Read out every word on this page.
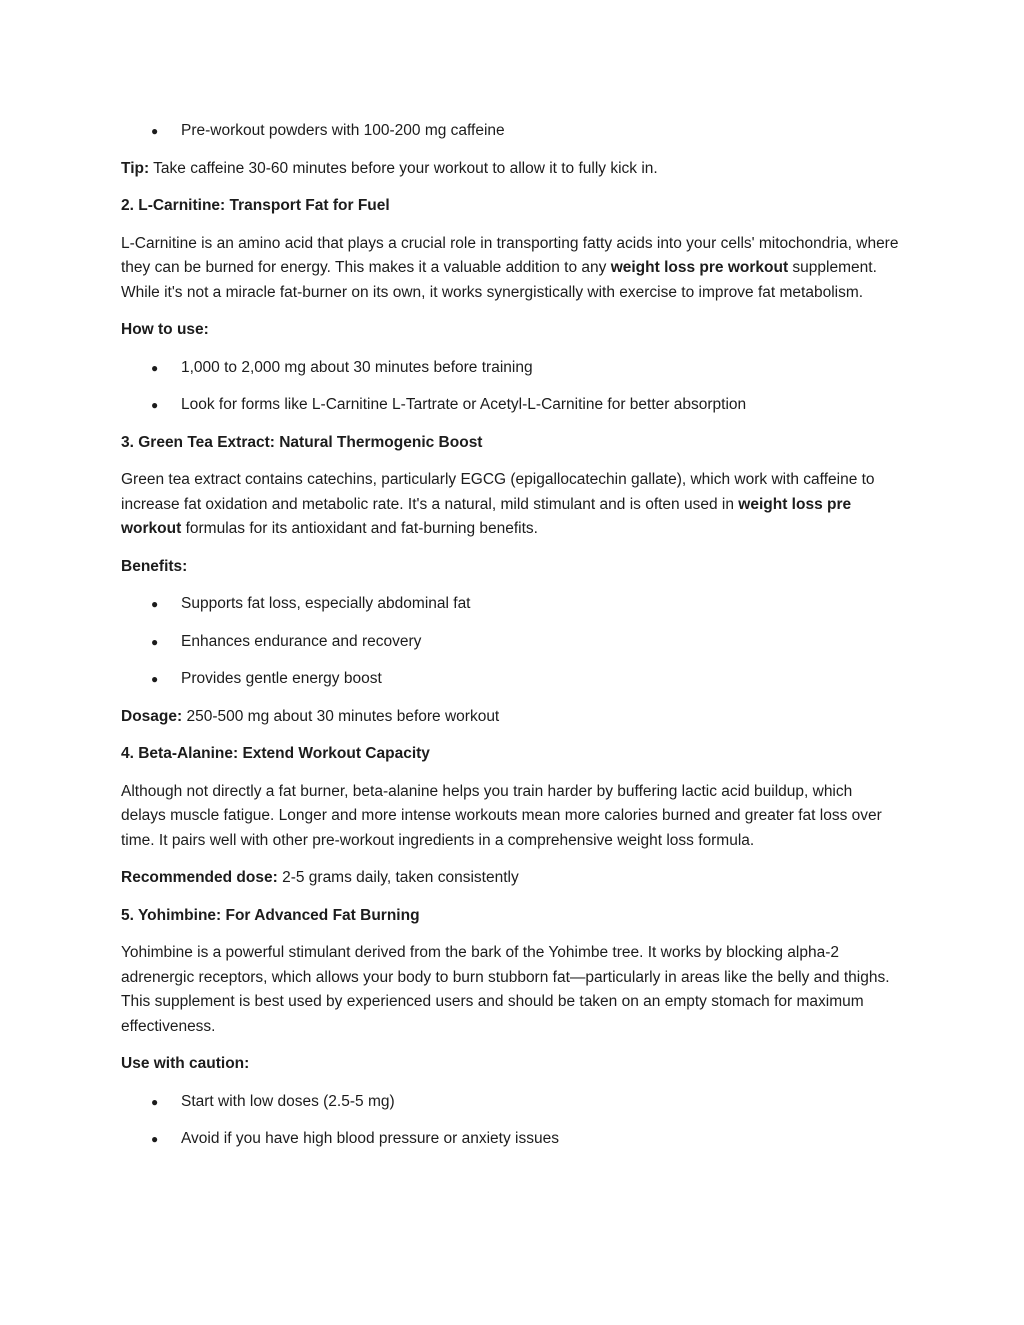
● Pre-workout powders with 100-200 mg caffeine

Tip: Take caffeine 30-60 minutes before your workout to allow it to fully kick in.

2. L-Carnitine: Transport Fat for Fuel

L-Carnitine is an amino acid that plays a crucial role in transporting fatty acids into your cells' mitochondria, where they can be burned for energy. This makes it a valuable addition to any weight loss pre workout supplement. While it's not a miracle fat-burner on its own, it works synergistically with exercise to improve fat metabolism.

How to use:

● 1,000 to 2,000 mg about 30 minutes before training
● Look for forms like L-Carnitine L-Tartrate or Acetyl-L-Carnitine for better absorption

3. Green Tea Extract: Natural Thermogenic Boost

Green tea extract contains catechins, particularly EGCG (epigallocatechin gallate), which work with caffeine to increase fat oxidation and metabolic rate. It's a natural, mild stimulant and is often used in weight loss pre workout formulas for its antioxidant and fat-burning benefits.

Benefits:

● Supports fat loss, especially abdominal fat
● Enhances endurance and recovery
● Provides gentle energy boost

Dosage: 250-500 mg about 30 minutes before workout

4. Beta-Alanine: Extend Workout Capacity

Although not directly a fat burner, beta-alanine helps you train harder by buffering lactic acid buildup, which delays muscle fatigue. Longer and more intense workouts mean more calories burned and greater fat loss over time. It pairs well with other pre-workout ingredients in a comprehensive weight loss formula.

Recommended dose: 2-5 grams daily, taken consistently

5. Yohimbine: For Advanced Fat Burning

Yohimbine is a powerful stimulant derived from the bark of the Yohimbe tree. It works by blocking alpha-2 adrenergic receptors, which allows your body to burn stubborn fat—particularly in areas like the belly and thighs. This supplement is best used by experienced users and should be taken on an empty stomach for maximum effectiveness.

Use with caution:

● Start with low doses (2.5-5 mg)
● Avoid if you have high blood pressure or anxiety issues
